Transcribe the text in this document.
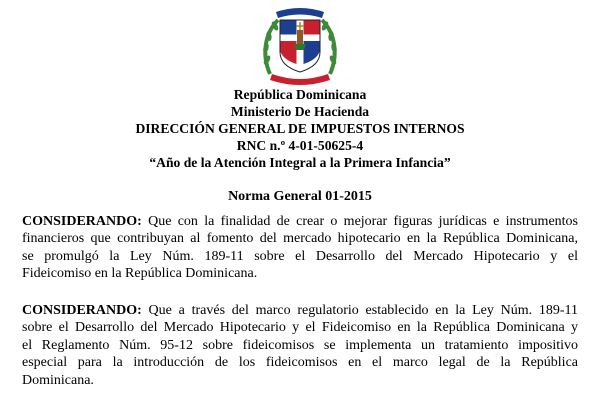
República Dominicana
Ministerio De Hacienda
DIRECCIÓN GENERAL DE IMPUESTOS INTERNOS
RNC n.º 4-01-50625-4
“Año de la Atención Integral a la Primera Infancia”
Norma General 01-2015
CONSIDERANDO: Que con la finalidad de crear o mejorar figuras jurídicas e instrumentos
financieros que contribuyan al fomento del mercado hipotecario en la República Dominicana,
se promulgó la Ley Núm. 189-11 sobre el Desarrollo del Mercado Hipotecario y el
Fideicomiso en la República Dominicana.
CONSIDERANDO: Que a través del marco regulatorio establecido en la Ley Núm. 189-11
sobre el Desarrollo del Mercado Hipotecario y el Fideicomiso en la República Dominicana y
el Reglamento Núm. 95-12 sobre fideicomisos se implementa un tratamiento impositivo
especial para la introducción de los fideicomisos en el marco legal de la República
Dominicana.
